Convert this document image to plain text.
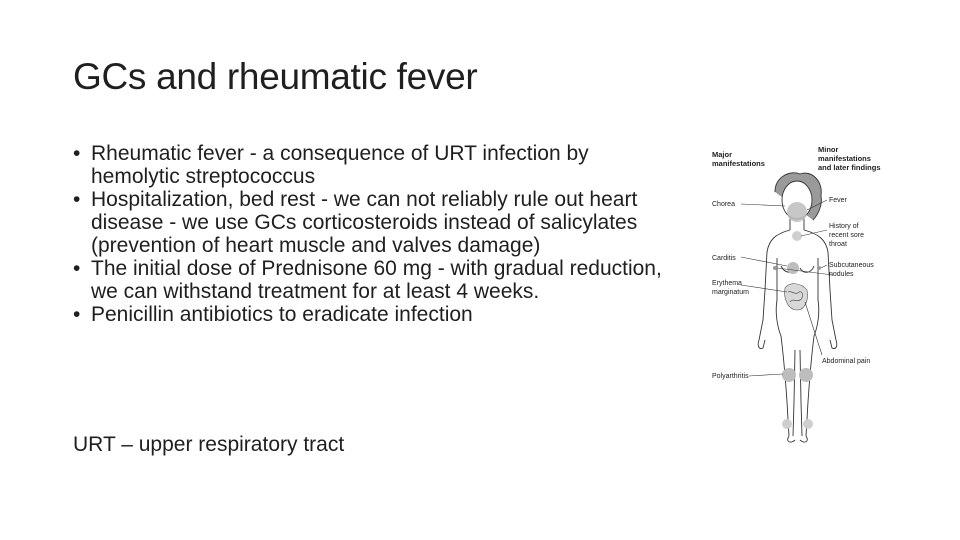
GCs and rheumatic fever
• Rheumatic fever - a consequence of URT infection by hemolytic streptococcus
• Hospitalization, bed rest - we can not reliably rule out heart disease - we use GCs corticosteroids instead of salicylates (prevention of heart muscle and valves damage)
• The initial dose of Prednisone 60 mg - with gradual reduction, we can withstand treatment for at least 4 weeks.
• Penicillin antibiotics to eradicate infection

URT – upper respiratory tract

Major
manifestations
Minor
manifestations
and later findings
Chorea
Carditis
Erythema
marginatum
Polyarthritis
Fever
History of
recent sore
throat
Subcutaneous
nodules
Abdominal pain
